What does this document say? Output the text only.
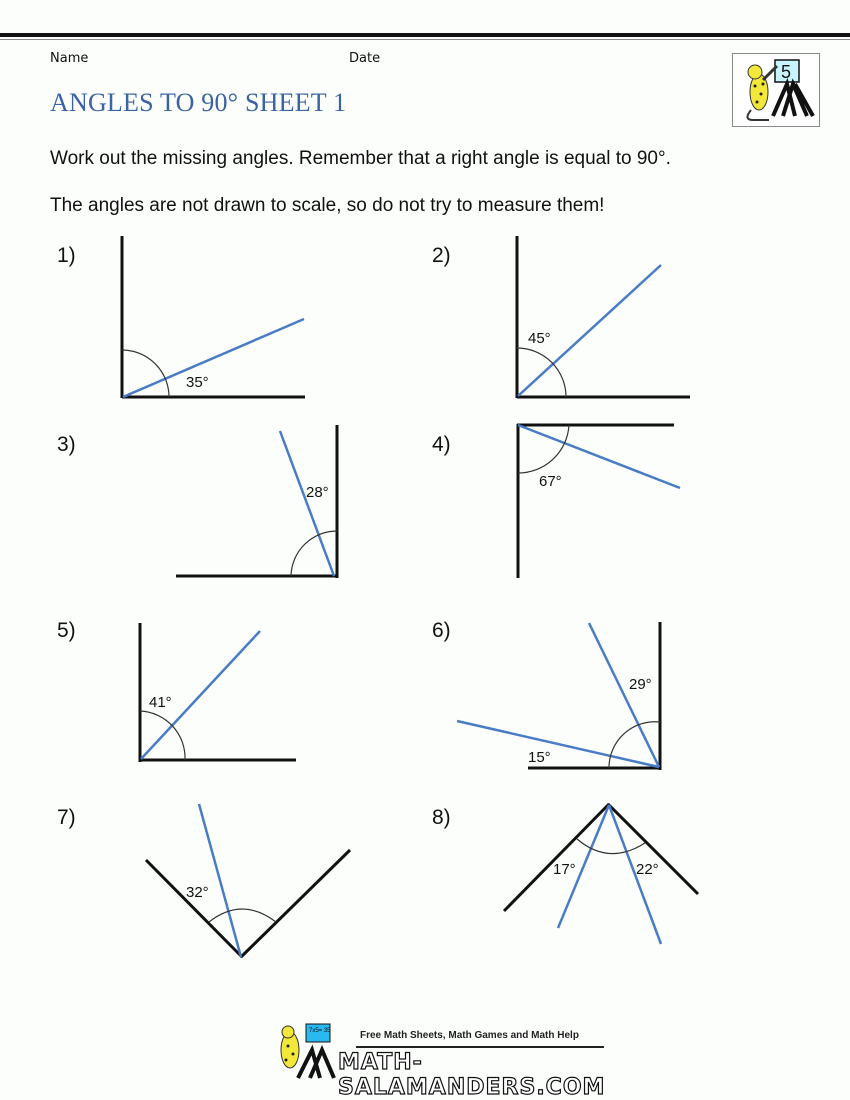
Name	Date
ANGLES TO 90° SHEET 1
5
Work out the missing angles. Remember that a right angle is equal to 90°.
The angles are not drawn to scale, so do not try to measure them!
1)
35°
45°
28°
67°
41°
29°
15°
32°
17°	22°
2)
3)	4)
5)	6)
7)	8)
7x5= 35	Free Math Sheets, Math Games and Math Help
MATH-SALAMANDERS.COM
